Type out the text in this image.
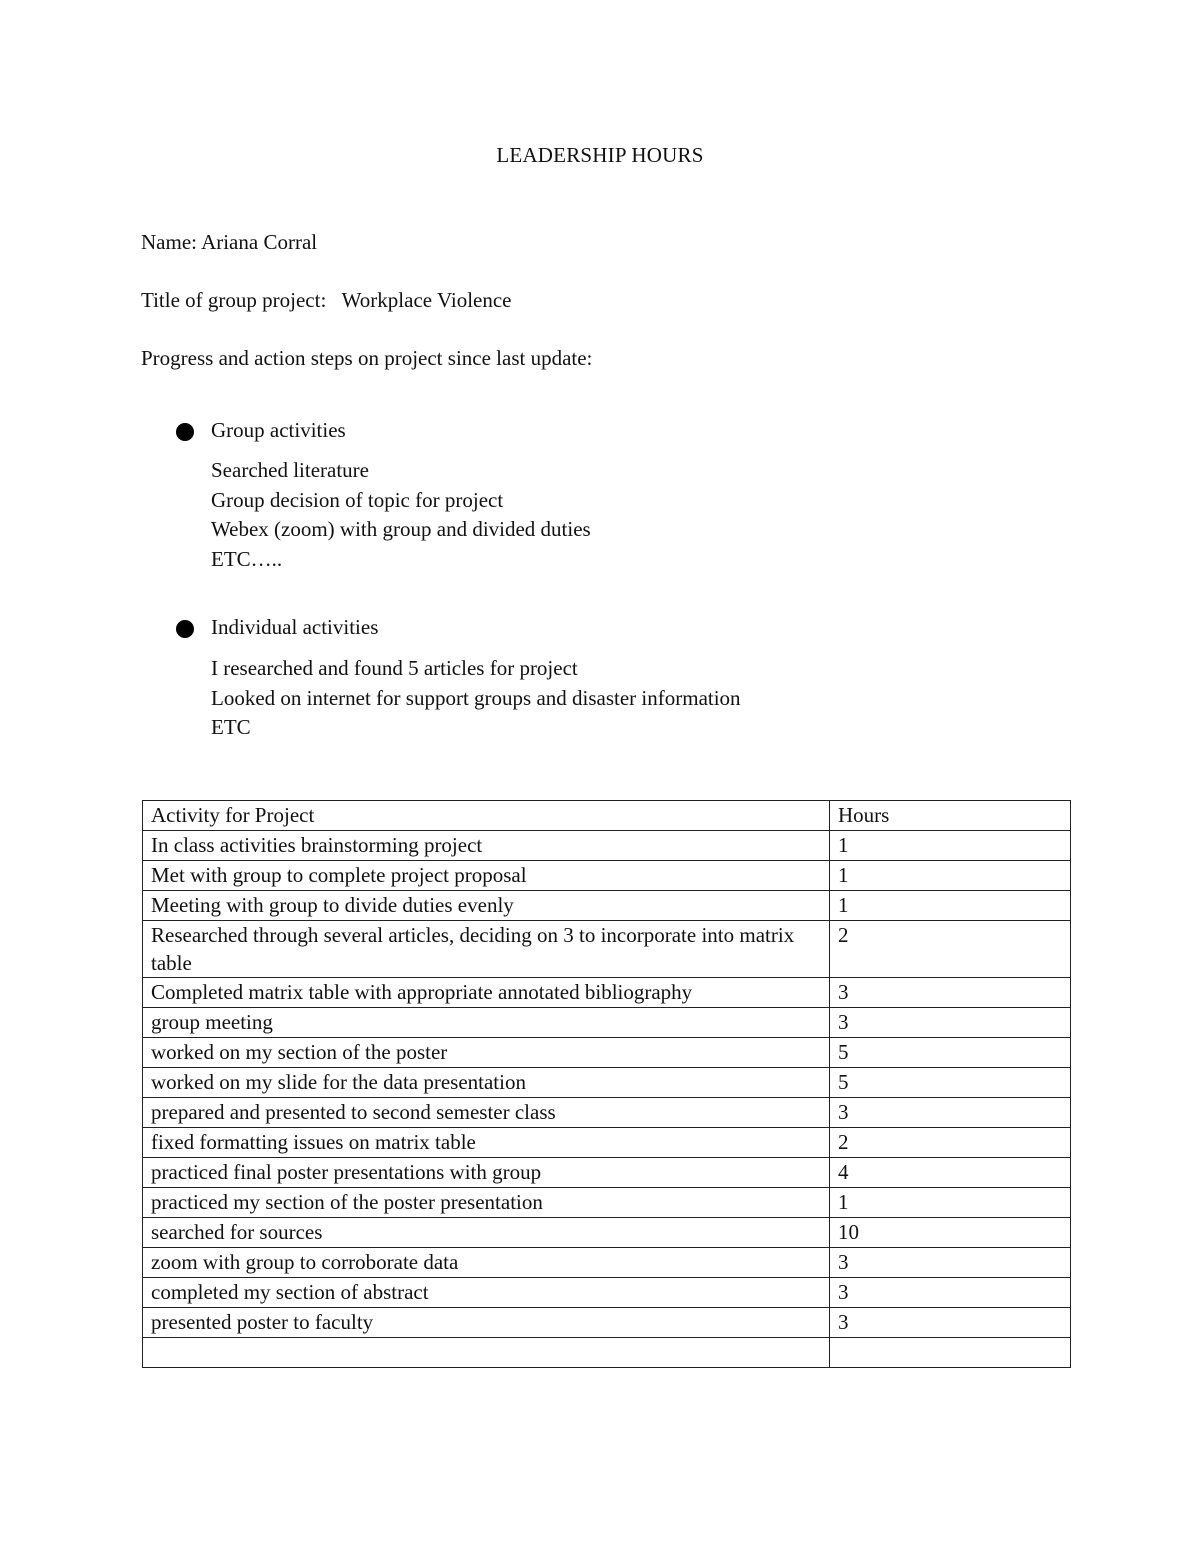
LEADERSHIP HOURS
Name: Ariana Corral
Title of group project:   Workplace Violence
Progress and action steps on project since last update:
Group activities
Searched literature
Group decision of topic for project
Webex (zoom) with group and divided duties
ETC…..
Individual activities
I researched and found 5 articles for project
Looked on internet for support groups and disaster information
ETC
Activity for Project	Hours
In class activities brainstorming project	1
Met with group to complete project proposal	1
Meeting with group to divide duties evenly	1
Researched through several articles, deciding on 3 to incorporate into matrix table	2
Completed matrix table with appropriate annotated bibliography	3
group meeting	3
worked on my section of the poster	5
worked on my slide for the data presentation	5
prepared and presented to second semester class	3
fixed formatting issues on matrix table	2
practiced final poster presentations with group	4
practiced my section of the poster presentation	1
searched for sources	10
zoom with group to corroborate data	3
completed my section of abstract	3
presented poster to faculty	3
